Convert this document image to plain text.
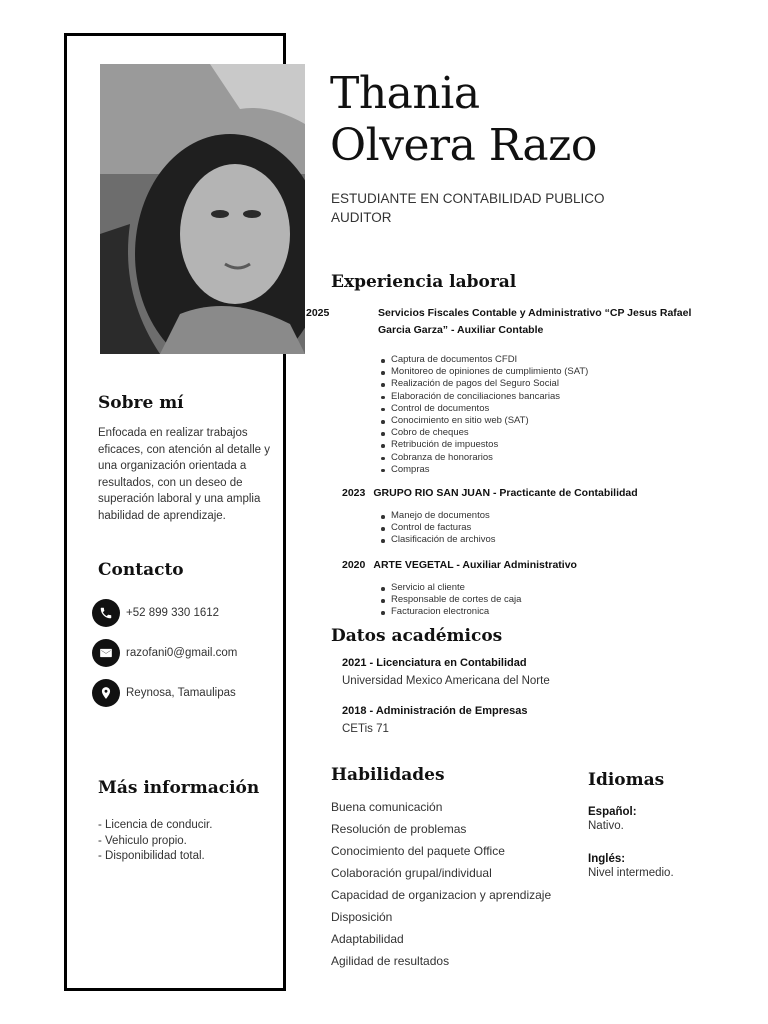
Sobre mí

Enfocada en realizar trabajos eficaces, con atención al detalle y una organización orientada a resultados, con un deseo de superación laboral y una amplia habilidad de aprendizaje.

Contacto
+52 899 330 1612
razofani0@gmail.com
Reynosa, Tamaulipas
Más información
- Licencia de conducir.
- Vehiculo propio.
- Disponibilidad total.
Thania
Olvera Razo
ESTUDIANTE EN CONTABILIDAD PUBLICO AUDITOR
Experiencia laboral
2025	Servicios Fiscales Contable y Administrativo “CP Jesus Rafael Garcia Garza” - Auxiliar Contable
Captura de documentos CFDI
Monitoreo de opiniones de cumplimiento (SAT)
Realización de pagos del Seguro Social
Elaboración de conciliaciones bancarias
Control de documentos
Conocimiento en sitio web (SAT)
Cobro de cheques
Retribución de impuestos
Cobranza de honorarios
Compras
2023 GRUPO RIO SAN JUAN - Practicante de Contabilidad
Manejo de documentos
Control de facturas
Clasificación de archivos
2020 ARTE VEGETAL - Auxiliar Administrativo
Servicio al cliente
Responsable de cortes de caja
Facturacion electronica
Datos académicos
2021 - Licenciatura en Contabilidad
Universidad Mexico Americana del Norte
2018 - Administración de Empresas
CETis 71
Habilidades
Buena comunicación
Resolución de problemas
Conocimiento del paquete Office
Colaboración grupal/individual
Capacidad de organizacion y aprendizaje
Disposición
Adaptabilidad
Agilidad de resultados
Idiomas
Español:
Nativo.
Inglés:
Nivel intermedio.
